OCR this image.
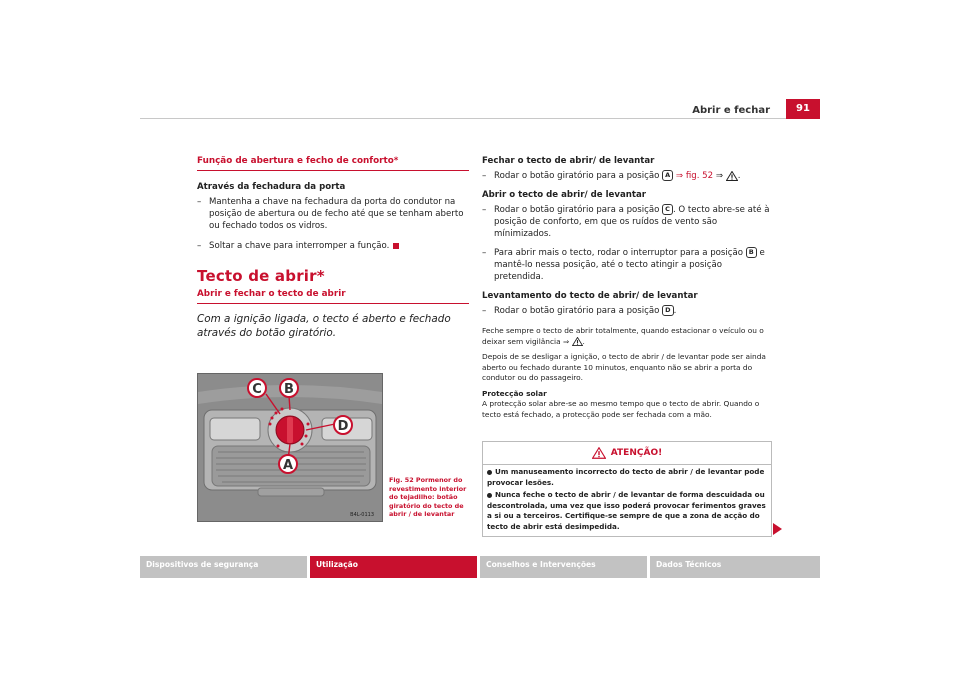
Abrir e fechar	91
Função de abertura e fecho de conforto*
Através da fechadura da porta
– Mantenha a chave na fechadura da porta do condutor na posição de abertura ou de fecho até que se tenham aberto ou fechado todos os vidros.
– Soltar a chave para interromper a função.
Tecto de abrir*
Abrir e fechar o tecto de abrir
Com a ignição ligada, o tecto é aberto e fechado através do botão giratório.
C B
D
A
B4L-0113
Fig. 52 Pormenor do revestimento interior do tejadilho: botão giratório do tecto de abrir / de levantar
Fechar o tecto de abrir/ de levantar
– Rodar o botão giratório para a posição A ⇒ fig. 52 ⇒ .
Abrir o tecto de abrir/ de levantar
– Rodar o botão giratório para a posição C . O tecto abre-se até à posição de conforto, em que os ruídos de vento são mínimizados.
– Para abrir mais o tecto, rodar o interruptor para a posição B e mantê-lo nessa posição, até o tecto atingir a posição pretendida.
Levantamento do tecto de abrir/ de levantar
– Rodar o botão giratório para a posição D .
Feche sempre o tecto de abrir totalmente, quando estacionar o veículo ou o deixar sem vigilância ⇒ .
Depois de se desligar a ignição, o tecto de abrir / de levantar pode ser ainda aberto ou fechado durante 10 minutos, enquanto não se abrir a porta do condutor ou do passageiro.
Protecção solar
A protecção solar abre-se ao mesmo tempo que o tecto de abrir. Quando o tecto está fechado, a protecção pode ser fechada com a mão.
ATENÇÃO!
Um manuseamento incorrecto do tecto de abrir / de levantar pode provocar lesões.
Nunca feche o tecto de abrir / de levantar de forma descuidada ou descontrolada, uma vez que isso poderá provocar ferimentos graves a si ou a terceiros. Certifique-se sempre de que a zona de acção do tecto de abrir está desimpedida.
Dispositivos de segurança	Utilização	Conselhos e Intervenções	Dados Técnicos
